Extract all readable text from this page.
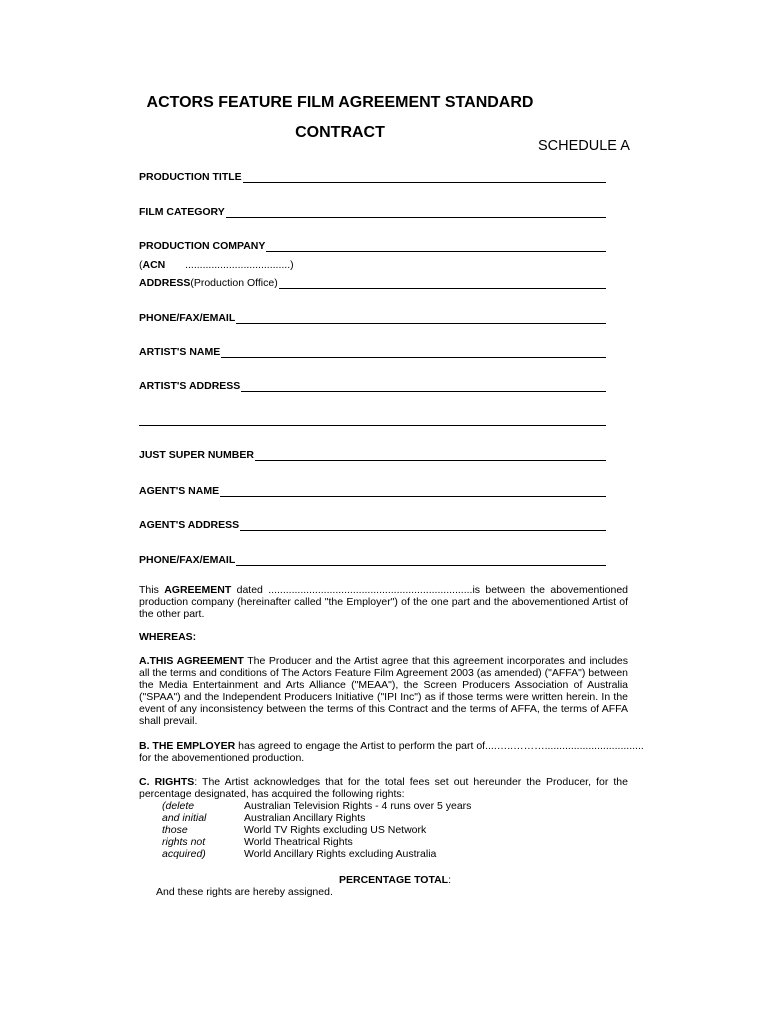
ACTORS FEATURE FILM AGREEMENT STANDARD
CONTRACT
SCHEDULE A
PRODUCTION TITLE
FILM CATEGORY
PRODUCTION COMPANY
(ACN ....................................)
ADDRESS (Production Office)
PHONE/FAX/EMAIL
ARTIST'S NAME
ARTIST'S ADDRESS
JUST SUPER NUMBER
AGENT'S NAME
AGENT'S ADDRESS
PHONE/FAX/EMAIL
This AGREEMENT dated ......................................................................is between the abovementioned production company (hereinafter called "the Employer") of the one part and the abovementioned Artist of the other part.
WHEREAS:
A.THIS AGREEMENT The Producer and the Artist agree that this agreement incorporates and includes all the terms and conditions of The Actors Feature Film Agreement 2003 (as amended) ("AFFA") between the Media Entertainment and Arts Alliance ("MEAA"), the Screen Producers Association of Australia ("SPAA") and the Independent Producers Initiative ("IPI Inc") as if those terms were written herein. In the event of any inconsistency between the terms of this Contract and the terms of AFFA, the terms of AFFA shall prevail.
B. THE EMPLOYER has agreed to engage the Artist to perform the part of....…..………..................................
for the abovementioned production.
C. RIGHTS: The Artist acknowledges that for the total fees set out hereunder the Producer, for the percentage designated, has acquired the following rights:
(delete
and initial
those
rights not
acquired)
Australian Television Rights - 4 runs over 5 years
Australian Ancillary Rights
World TV Rights excluding US Network
World Theatrical Rights
World Ancillary Rights excluding Australia
PERCENTAGE TOTAL:
And these rights are hereby assigned.
